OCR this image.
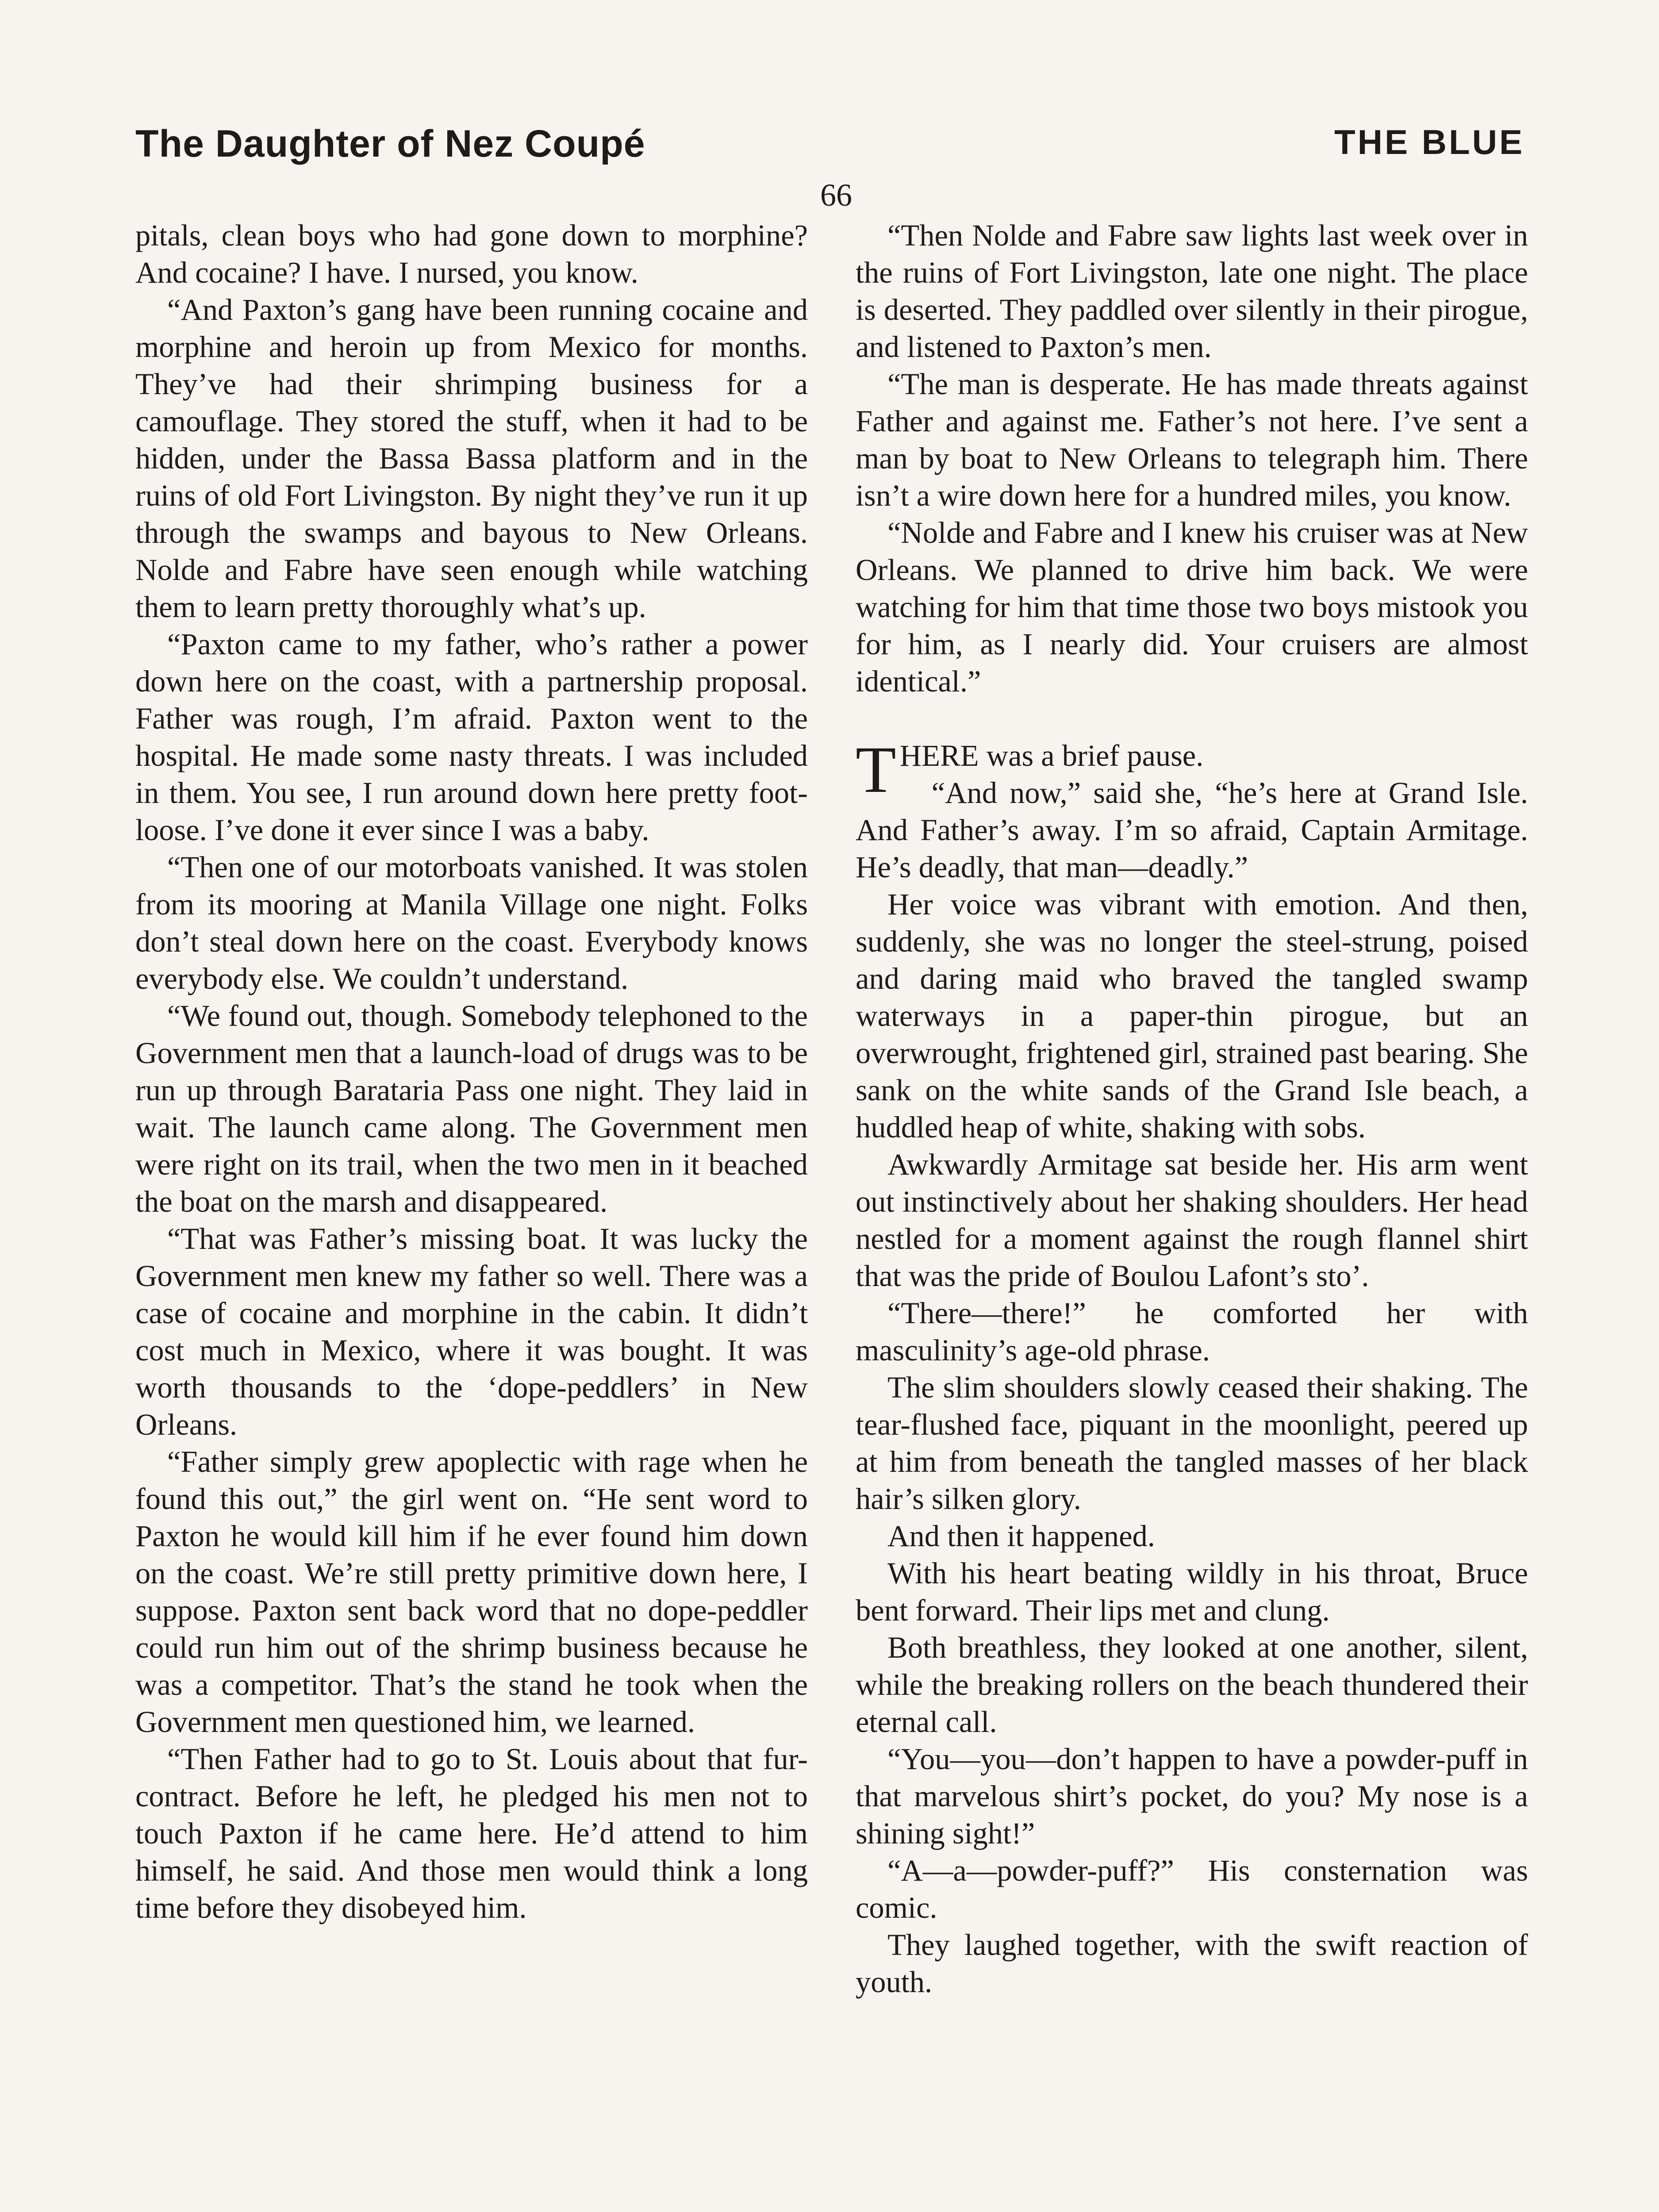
The Daughter of Nez Coupé	THE BLUE
66

pitals, clean boys who had gone down to morphine? And cocaine? I have. I nursed, you know.

“And Paxton’s gang have been running cocaine and morphine and heroin up from Mexico for months. They’ve had their shrimping business for a camouflage. They stored the stuff, when it had to be hidden, under the Bassa Bassa platform and in the ruins of old Fort Livingston. By night they’ve run it up through the swamps and bayous to New Orleans. Nolde and Fabre have seen enough while watching them to learn pretty thoroughly what’s up.

“Paxton came to my father, who’s rather a power down here on the coast, with a partnership proposal. Father was rough, I’m afraid. Paxton went to the hospital. He made some nasty threats. I was included in them. You see, I run around down here pretty foot-loose. I’ve done it ever since I was a baby.

“Then one of our motorboats vanished. It was stolen from its mooring at Manila Village one night. Folks don’t steal down here on the coast. Everybody knows everybody else. We couldn’t understand.

“We found out, though. Somebody telephoned to the Government men that a launch-load of drugs was to be run up through Barataria Pass one night. They laid in wait. The launch came along. The Government men were right on its trail, when the two men in it beached the boat on the marsh and disappeared.

“That was Father’s missing boat. It was lucky the Government men knew my father so well. There was a case of cocaine and morphine in the cabin. It didn’t cost much in Mexico, where it was bought. It was worth thousands to the ‘dope-peddlers’ in New Orleans.

“Father simply grew apoplectic with rage when he found this out,” the girl went on. “He sent word to Paxton he would kill him if he ever found him down on the coast. We’re still pretty primitive down here, I suppose. Paxton sent back word that no dope-peddler could run him out of the shrimp business because he was a competitor. That’s the stand he took when the Government men questioned him, we learned.

“Then Father had to go to St. Louis about that fur-contract. Before he left, he pledged his men not to touch Paxton if he came here. He’d attend to him himself, he said. And those men would think a long time before they disobeyed him.

“Then Nolde and Fabre saw lights last week over in the ruins of Fort Livingston, late one night. The place is deserted. They paddled over silently in their pirogue, and listened to Paxton’s men.

“The man is desperate. He has made threats against Father and against me. Father’s not here. I’ve sent a man by boat to New Orleans to telegraph him. There isn’t a wire down here for a hundred miles, you know.

“Nolde and Fabre and I knew his cruiser was at New Orleans. We planned to drive him back. We were watching for him that time those two boys mistook you for him, as I nearly did. Your cruisers are almost identical.”

THERE was a brief pause.

“And now,” said she, “he’s here at Grand Isle. And Father’s away. I’m so afraid, Captain Armitage. He’s deadly, that man—deadly.”

Her voice was vibrant with emotion. And then, suddenly, she was no longer the steel-strung, poised and daring maid who braved the tangled swamp waterways in a paper-thin pirogue, but an overwrought, frightened girl, strained past bearing. She sank on the white sands of the Grand Isle beach, a huddled heap of white, shaking with sobs.

Awkwardly Armitage sat beside her. His arm went out instinctively about her shaking shoulders. Her head nestled for a moment against the rough flannel shirt that was the pride of Boulou Lafont’s sto’.

“There—there!” he comforted her with masculinity’s age-old phrase.

The slim shoulders slowly ceased their shaking. The tear-flushed face, piquant in the moonlight, peered up at him from beneath the tangled masses of her black hair’s silken glory.

And then it happened.

With his heart beating wildly in his throat, Bruce bent forward. Their lips met and clung.

Both breathless, they looked at one another, silent, while the breaking rollers on the beach thundered their eternal call.

“You—you—don’t happen to have a powder-puff in that marvelous shirt’s pocket, do you? My nose is a shining sight!”

“A—a—powder-puff?” His consternation was comic.

They laughed together, with the swift reaction of youth.
